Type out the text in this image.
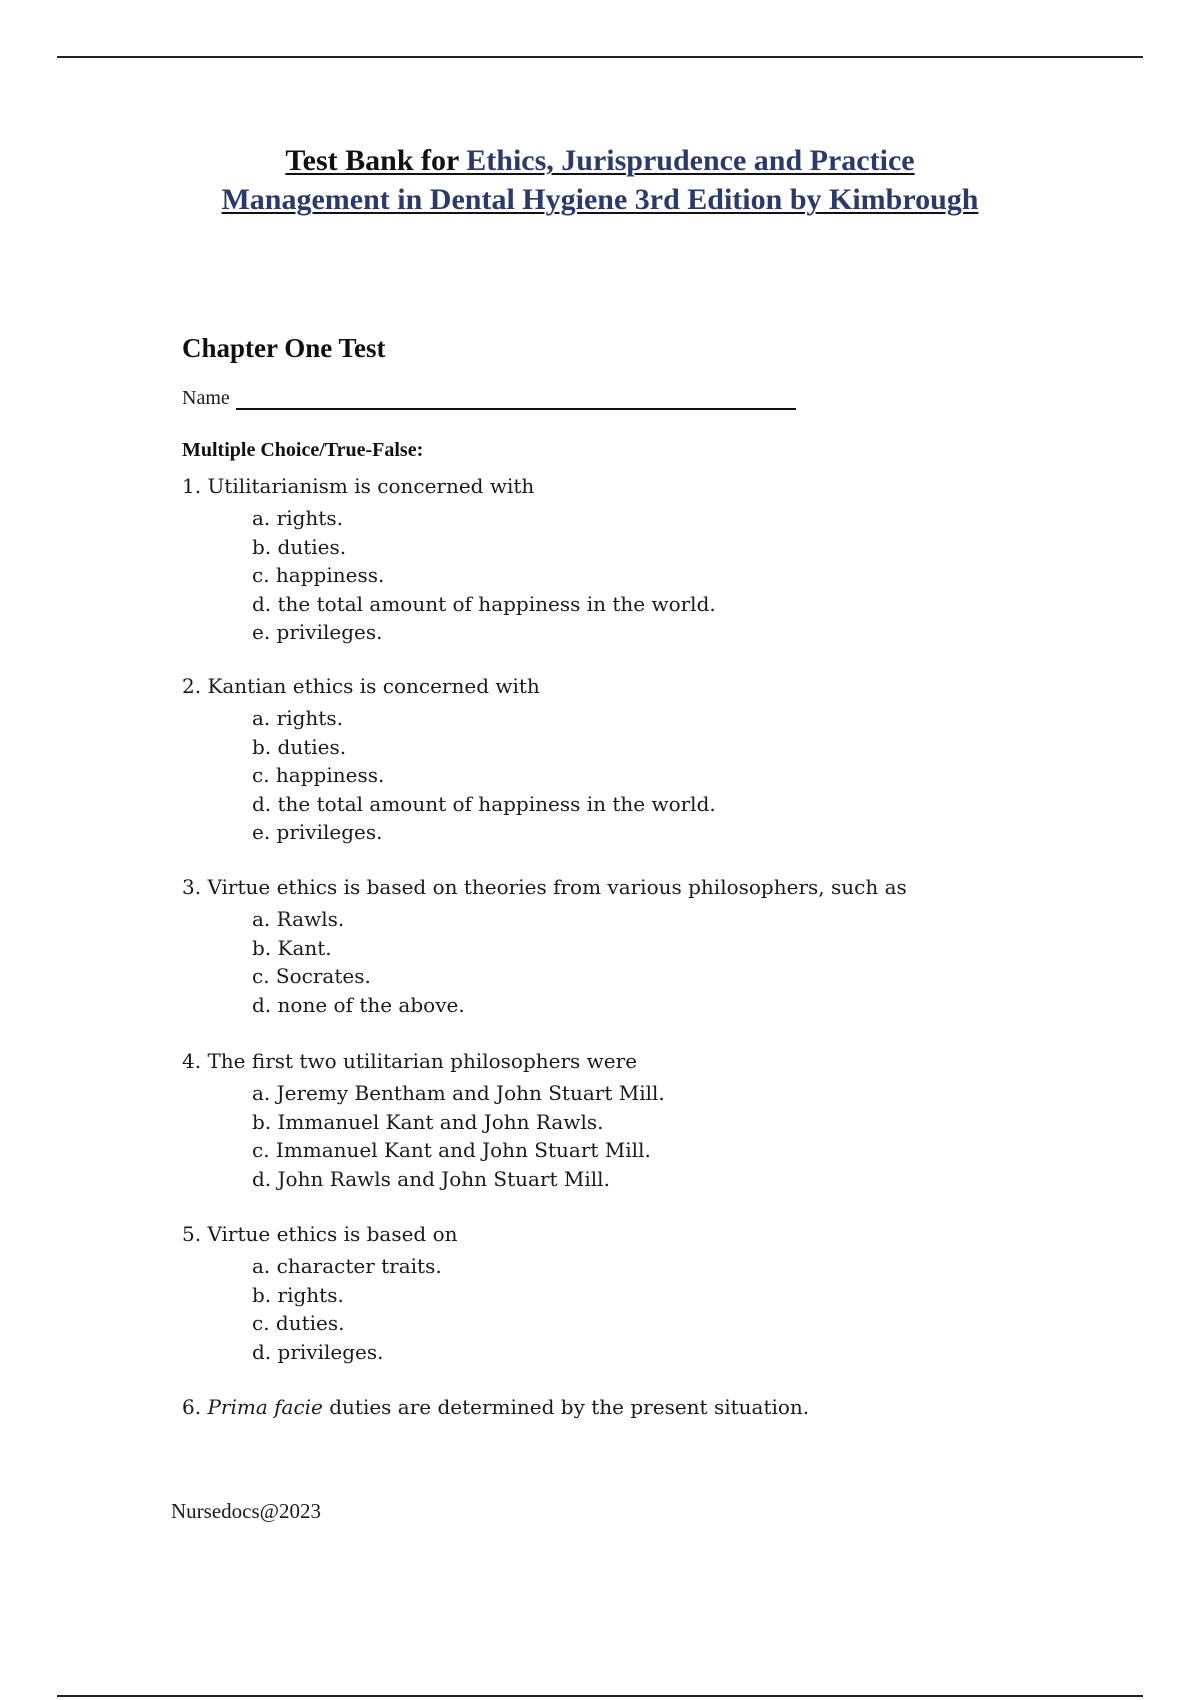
Test Bank for Ethics, Jurisprudence and Practice
Management in Dental Hygiene 3rd Edition by Kimbrough
Chapter One Test
Name
Multiple Choice/True-False:

1. Utilitarianism is concerned with

a. rights.
b. duties.
c. happiness.
d. the total amount of happiness in the world.
e. privileges.

2. Kantian ethics is concerned with

a. rights.
b. duties.
c. happiness.
d. the total amount of happiness in the world.
e. privileges.

3. Virtue ethics is based on theories from various philosophers, such as

a. Rawls.
b. Kant.
c. Socrates.
d. none of the above.

4. The first two utilitarian philosophers were

a. Jeremy Bentham and John Stuart Mill.
b. Immanuel Kant and John Rawls.
c. Immanuel Kant and John Stuart Mill.
d. John Rawls and John Stuart Mill.

5. Virtue ethics is based on

a. character traits.
b. rights.
c. duties.
d. privileges.

6. Prima facie duties are determined by the present situation.

Nursedocs@2023
